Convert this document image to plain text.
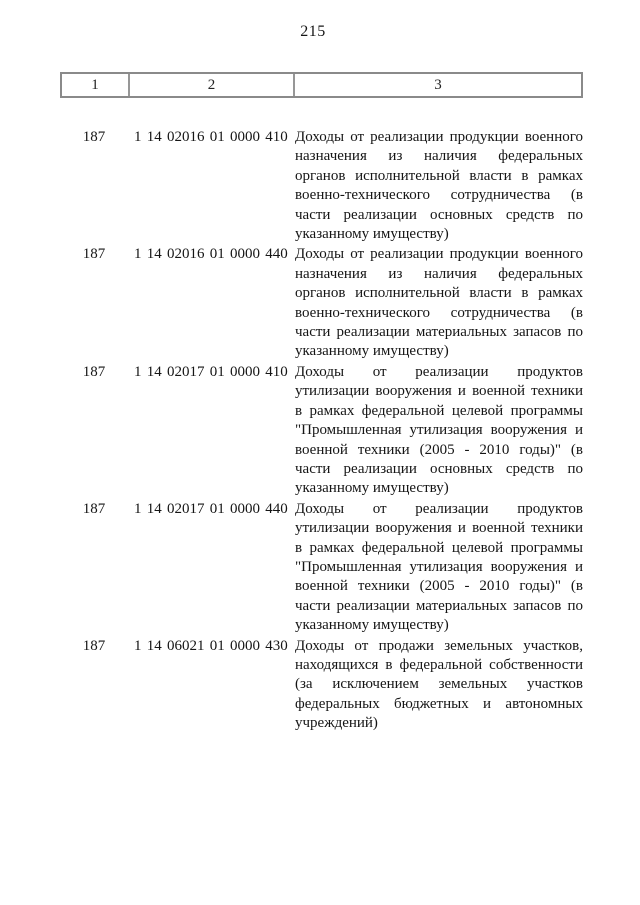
215
1	2	3
187	1 14 02016 01 0000 410 Доходы от реализации продукции военного назначения из наличия федеральных органов исполнительной власти в рамках военно-технического сотрудничества (в части реализации основных средств по указанному имуществу)
187	1 14 02016 01 0000 440 Доходы от реализации продукции военного назначения из наличия федеральных органов исполнительной власти в рамках военно-технического сотрудничества (в части реализации материальных запасов по указанному имуществу)
187	1 14 02017 01 0000 410 Доходы от реализации продуктов утилизации вооружения и военной техники в рамках федеральной целевой программы "Промышленная утилизация вооружения и военной техники (2005 - 2010 годы)" (в части реализации основных средств по указанному имуществу)
187	1 14 02017 01 0000 440 Доходы от реализации продуктов утилизации вооружения и военной техники в рамках федеральной целевой программы "Промышленная утилизация вооружения и военной техники (2005 - 2010 годы)" (в части реализации материальных запасов по указанному имуществу)
187	1 14 06021 01 0000 430 Доходы от продажи земельных участков, находящихся в федеральной собственности (за исключением земельных участков федеральных бюджетных и автономных учреждений)
